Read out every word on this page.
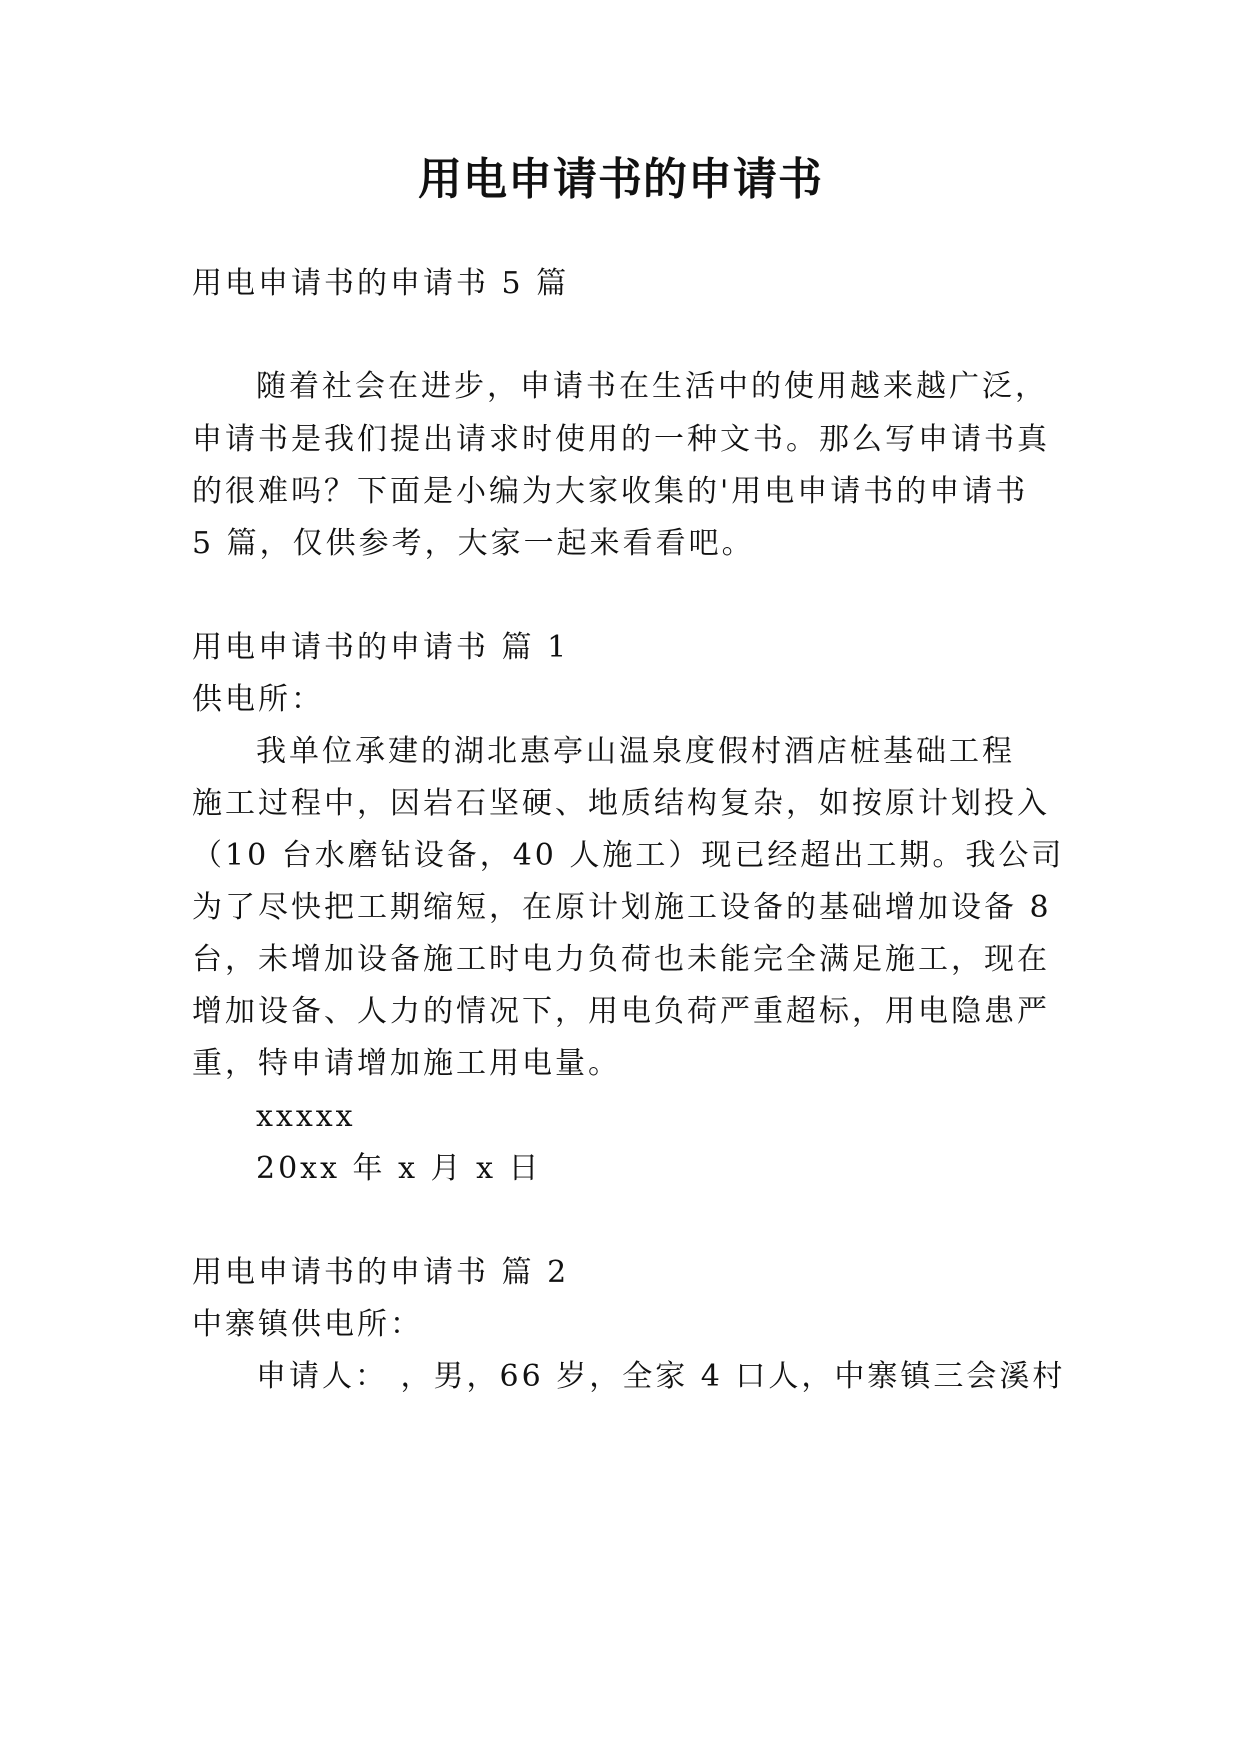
用电申请书的申请书
用电申请书的申请书 5 篇
随着社会在进步，申请书在生活中的使用越来越广泛，
申请书是我们提出请求时使用的一种文书。那么写申请书真
的很难吗？下面是小编为大家收集的'用电申请书的申请书
5 篇，仅供参考，大家一起来看看吧。
用电申请书的申请书 篇 1
供电所：
我单位承建的湖北惠亭山温泉度假村酒店桩基础工程
施工过程中，因岩石坚硬、地质结构复杂，如按原计划投入
（10 台水磨钻设备，40 人施工）现已经超出工期。我公司
为了尽快把工期缩短，在原计划施工设备的基础增加设备 8
台，未增加设备施工时电力负荷也未能完全满足施工，现在
增加设备、人力的情况下，用电负荷严重超标，用电隐患严
重，特申请增加施工用电量。
xxxxx
20xx 年 x 月 x 日
用电申请书的申请书 篇 2
中寨镇供电所：
申请人： ，男，66 岁，全家 4 口人，中寨镇三会溪村
